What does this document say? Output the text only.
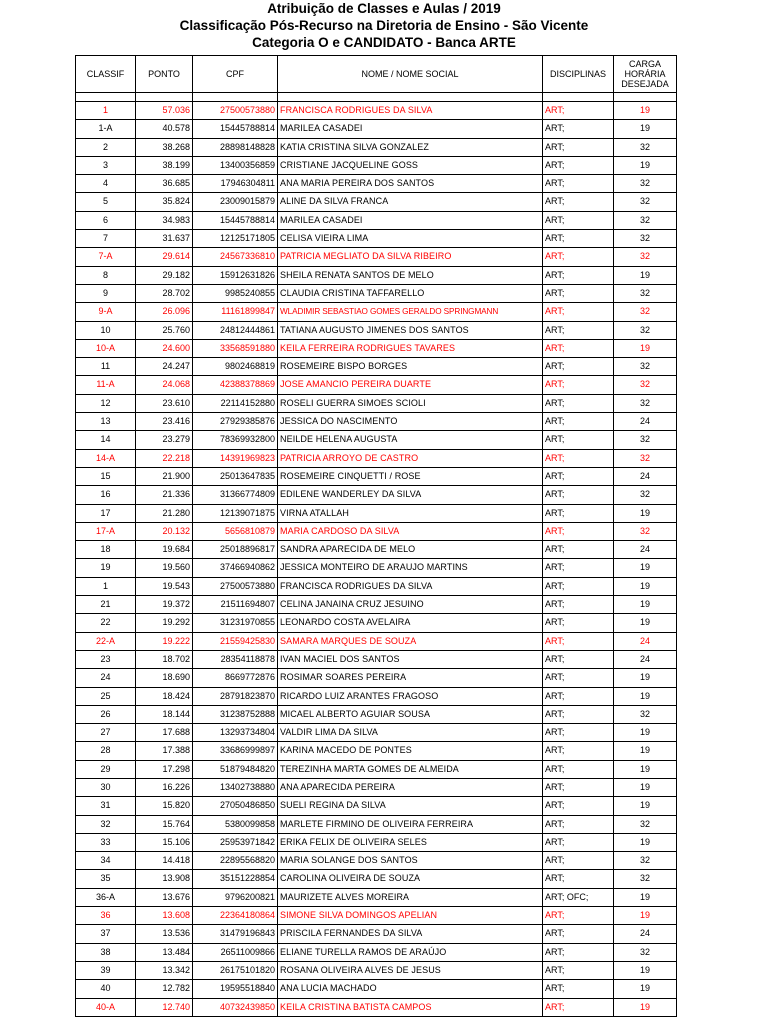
Atribuição de Classes e Aulas / 2019
Classificação Pós-Recurso na Diretoria de Ensino - São Vicente
Categoria O e CANDIDATO - Banca ARTE
CLASSIF	PONTO	CPF	NOME / NOME SOCIAL	DISCIPLINAS	CARGA HORÁRIA DESEJADA

1	57.036	27500573880	FRANCISCA RODRIGUES DA SILVA	ART;	19
1-A	40.578	15445788814	MARILEA CASADEI	ART;	19
2	38.268	28898148828	KATIA CRISTINA SILVA GONZALEZ	ART;	32
3	38.199	13400356859	CRISTIANE JACQUELINE GOSS	ART;	19
4	36.685	17946304811	ANA MARIA PEREIRA DOS SANTOS	ART;	32
5	35.824	23009015879	ALINE DA SILVA FRANCA	ART;	32
6	34.983	15445788814	MARILEA CASADEI	ART;	32
7	31.637	12125171805	CELISA VIEIRA LIMA	ART;	32
7-A	29.614	24567336810	PATRICIA MEGLIATO DA SILVA RIBEIRO	ART;	32
8	29.182	15912631826	SHEILA RENATA SANTOS DE MELO	ART;	19
9	28.702	9985240855	CLAUDIA CRISTINA TAFFARELLO	ART;	32
9-A	26.096	11161899847	WLADIMIR SEBASTIAO GOMES GERALDO SPRINGMANN	ART;	32
10	25.760	24812444861	TATIANA AUGUSTO JIMENES DOS SANTOS	ART;	32
10-A	24.600	33568591880	KEILA FERREIRA RODRIGUES TAVARES	ART;	19
11	24.247	9802468819	ROSEMEIRE BISPO BORGES	ART;	32
11-A	24.068	42388378869	JOSE AMANCIO PEREIRA DUARTE	ART;	32
12	23.610	22114152880	ROSELI GUERRA SIMOES SCIOLI	ART;	32
13	23.416	27929385876	JESSICA DO NASCIMENTO	ART;	24
14	23.279	78369932800	NEILDE HELENA AUGUSTA	ART;	32
14-A	22.218	14391969823	PATRICIA ARROYO DE CASTRO	ART;	32
15	21.900	25013647835	ROSEMEIRE CINQUETTI / ROSE	ART;	24
16	21.336	31366774809	EDILENE WANDERLEY DA SILVA	ART;	32
17	21.280	12139071875	VIRNA ATALLAH	ART;	19
17-A	20.132	5656810879	MARIA CARDOSO DA SILVA	ART;	32
18	19.684	25018896817	SANDRA APARECIDA DE MELO	ART;	24
19	19.560	37466940862	JESSICA MONTEIRO DE ARAUJO MARTINS	ART;	19
1	19.543	27500573880	FRANCISCA RODRIGUES DA SILVA	ART;	19
21	19.372	21511694807	CELINA JANAINA CRUZ JESUINO	ART;	19
22	19.292	31231970855	LEONARDO COSTA AVELAIRA	ART;	19
22-A	19.222	21559425830	SAMARA MARQUES DE SOUZA	ART;	24
23	18.702	28354118878	IVAN MACIEL DOS SANTOS	ART;	24
24	18.690	8669772876	ROSIMAR SOARES PEREIRA	ART;	19
25	18.424	28791823870	RICARDO LUIZ ARANTES FRAGOSO	ART;	19
26	18.144	31238752888	MICAEL ALBERTO AGUIAR SOUSA	ART;	32
27	17.688	13293734804	VALDIR LIMA DA SILVA	ART;	19
28	17.388	33686999897	KARINA MACEDO DE PONTES	ART;	19
29	17.298	51879484820	TEREZINHA MARTA GOMES DE ALMEIDA	ART;	19
30	16.226	13402738880	ANA APARECIDA PEREIRA	ART;	19
31	15.820	27050486850	SUELI REGINA DA SILVA	ART;	19
32	15.764	5380099858	MARLETE FIRMINO DE OLIVEIRA FERREIRA	ART;	32
33	15.106	25953971842	ERIKA FELIX DE OLIVEIRA SELES	ART;	19
34	14.418	22895568820	MARIA SOLANGE DOS SANTOS	ART;	32
35	13.908	35151228854	CAROLINA OLIVEIRA DE SOUZA	ART;	32
36-A	13.676	9796200821	MAURIZETE ALVES MOREIRA	ART; OFC;	19
36	13.608	22364180864	SIMONE SILVA DOMINGOS APELIAN	ART;	19
37	13.536	31479196843	PRISCILA FERNANDES DA SILVA	ART;	24
38	13.484	26511009866	ELIANE TURELLA RAMOS DE ARAÚJO	ART;	32
39	13.342	26175101820	ROSANA OLIVEIRA ALVES DE JESUS	ART;	19
40	12.782	19595518840	ANA LUCIA MACHADO	ART;	19
40-A	12.740	40732439850	KEILA CRISTINA BATISTA CAMPOS	ART;	19
